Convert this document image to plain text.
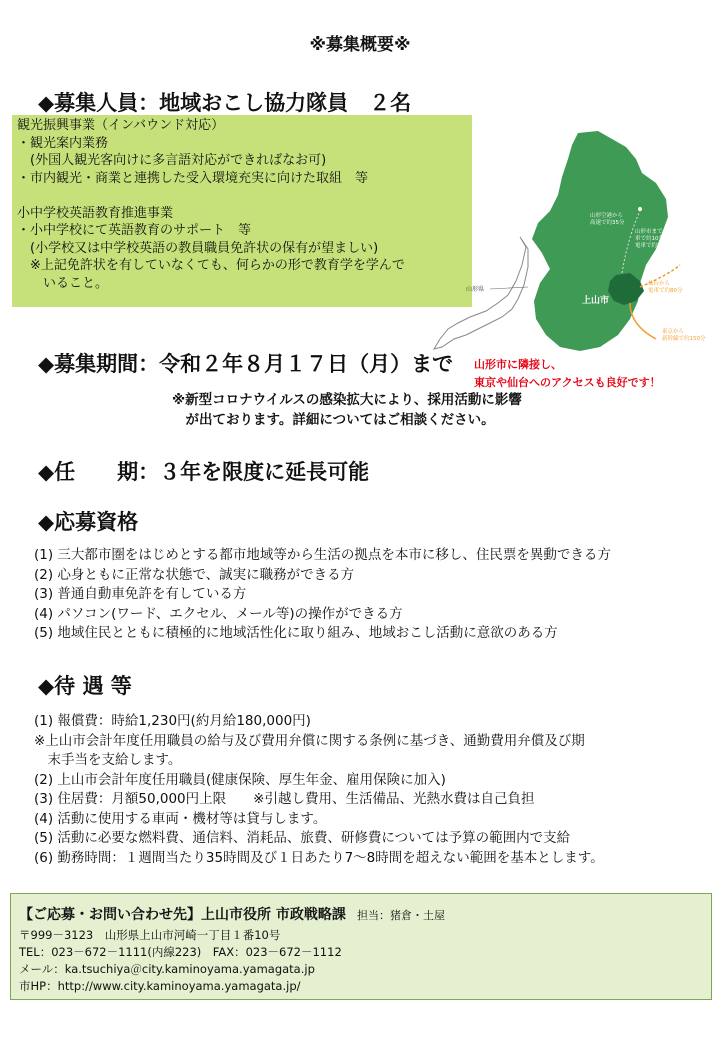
※募集概要※
◆募集人員：地域おこし協力隊員　２名
観光振興事業（インバウンド対応）
・観光案内業務
　(外国人観光客向けに多言語対応ができればなお可)
・市内観光・商業と連携した受入環境充実に向けた取組　等
小中学校英語教育推進事業
・小中学校にて英語教育のサポート　等
　(小学校又は中学校英語の教員職員免許状の保有が望ましい)
　※上記免許状を有していなくても、何らかの形で教育学を学んで
　　いること。
山形空港から高速で約35分
山形市まで車で約10分電車で約15分
仙台から電車で約80分
東京から新幹線で約150分
上山市
山形県
◆募集期間：令和２年８月１７日（月）まで 山形市に隣接し、
東京や仙台へのアクセスも良好です！
※新型コロナウイルスの感染拡大により、採用活動に影響
　が出ております。詳細についてはご相談ください。
◆任　　期：３年を限度に延長可能
◆応募資格
(1) 三大都市圏をはじめとする都市地域等から生活の拠点を本市に移し、住民票を異動できる方
(2) 心身ともに正常な状態で、誠実に職務ができる方
(3) 普通自動車免許を有している方
(4) パソコン(ワード、エクセル、メール等)の操作ができる方
(5) 地域住民とともに積極的に地域活性化に取り組み、地域おこし活動に意欲のある方
◆待 遇 等
(1) 報償費：時給1,230円(約月給180,000円)
※上山市会計年度任用職員の給与及び費用弁償に関する条例に基づき、通勤費用弁償及び期
　末手当を支給します。
(2) 上山市会計年度任用職員(健康保険、厚生年金、雇用保険に加入)
(3) 住居費：月額50,000円上限　　※引越し費用、生活備品、光熱水費は自己負担
(4) 活動に使用する車両・機材等は貸与します。
(5) 活動に必要な燃料費、通信料、消耗品、旅費、研修費については予算の範囲内で支給
(6) 勤務時間：１週間当たり35時間及び１日あたり7～8時間を超えない範囲を基本とします。
【ご応募・お問い合わせ先】上山市役所 市政戦略課 担当：猪倉・土屋
〒999－3123　山形県上山市河崎一丁目１番10号
TEL：023－672－1111(内線223)　FAX：023－672－1112
メール：ka.tsuchiya＠city.kaminoyama.yamagata.jp
市HP：http://www.city.kaminoyama.yamagata.jp/
